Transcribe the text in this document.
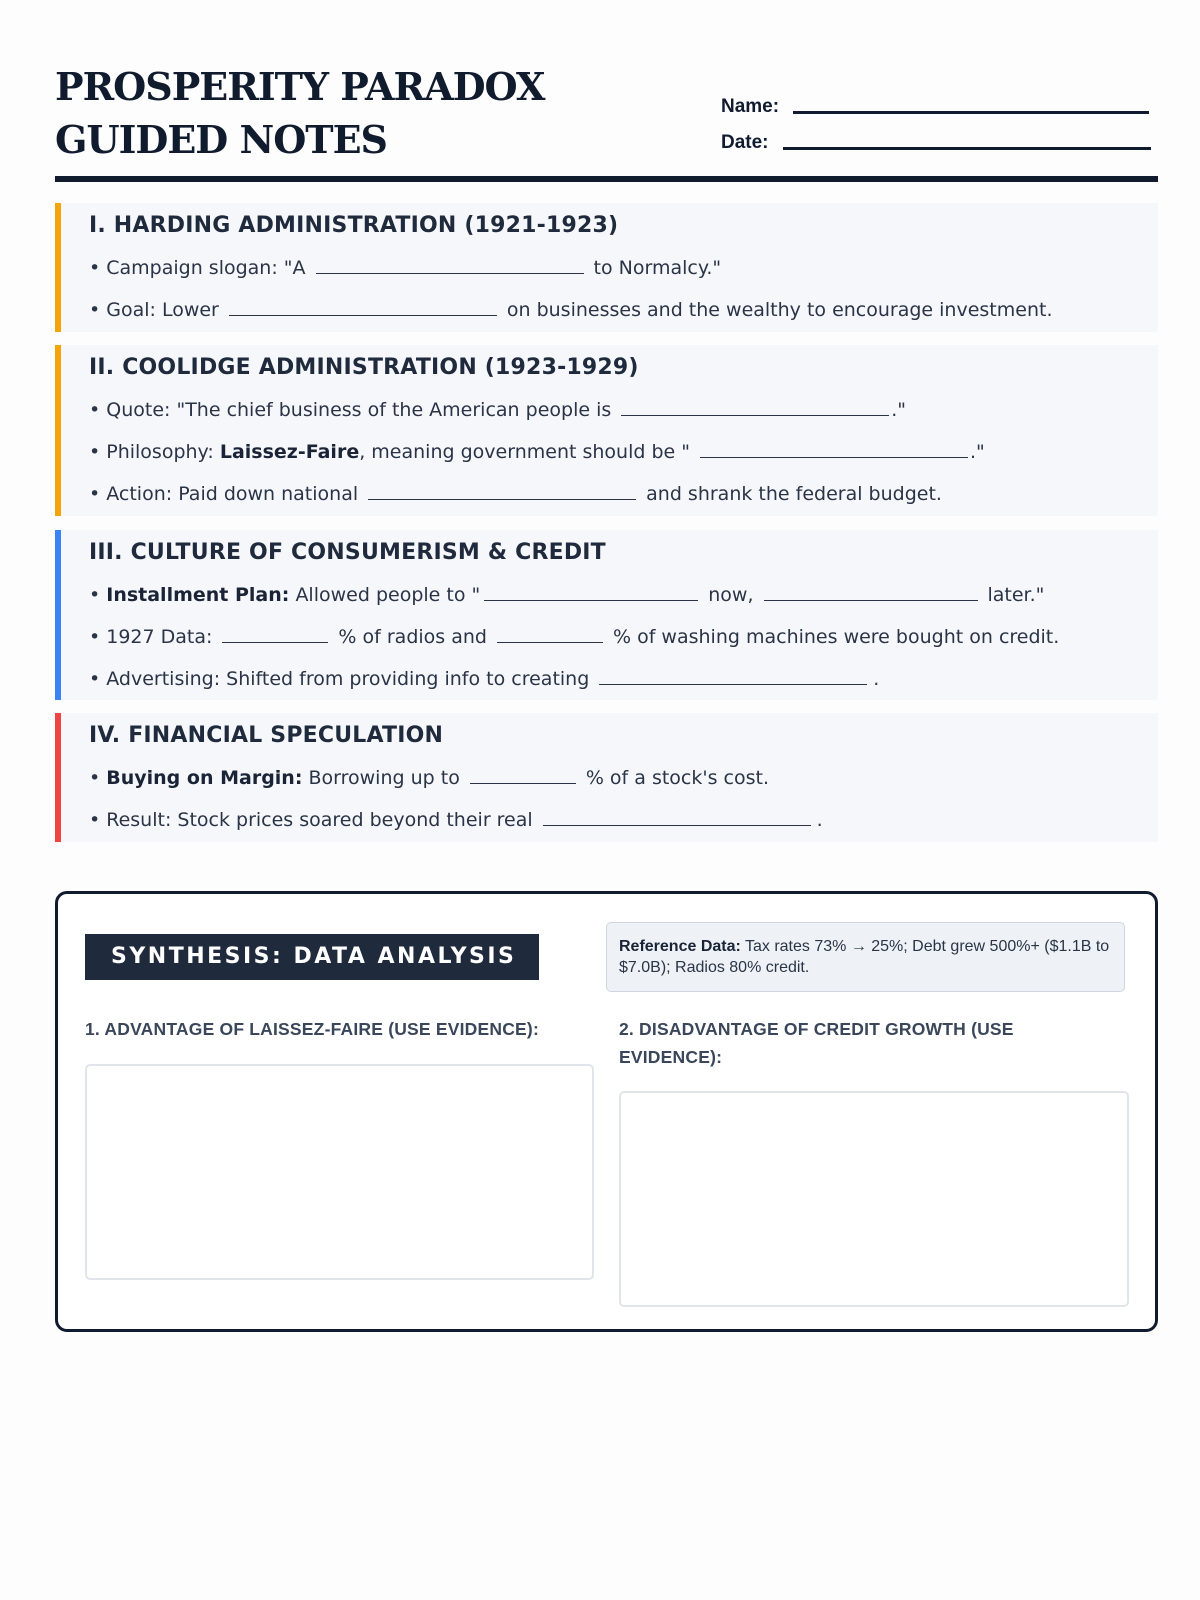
PROSPERITY PARADOX GUIDED NOTES
Name:
Date:
I. HARDING ADMINISTRATION (1921-1923)
• Campaign slogan: "A	to Normalcy."
• Goal: Lower	on businesses and the wealthy to encourage investment.
II. COOLIDGE ADMINISTRATION (1923-1929)
• Quote: "The chief business of the American people is	."
• Philosophy: Laissez-Faire, meaning government should be "	."
• Action: Paid down national	and shrank the federal budget.
III. CULTURE OF CONSUMERISM & CREDIT
• Installment Plan: Allowed people to "	now,	later."
• 1927 Data:	% of radios and	% of washing machines were bought on credit.
• Advertising: Shifted from providing info to creating	.
IV. FINANCIAL SPECULATION
• Buying on Margin: Borrowing up to	% of a stock's cost.
• Result: Stock prices soared beyond their real	.
SYNTHESIS: DATA ANALYSIS	Reference Data: Tax rates 73% → 25%; Debt grew 500%+ ($1.1B to $7.0B); Radios 80% credit.
1. ADVANTAGE OF LAISSEZ-FAIRE (USE EVIDENCE):	2. DISADVANTAGE OF CREDIT GROWTH (USE EVIDENCE):
